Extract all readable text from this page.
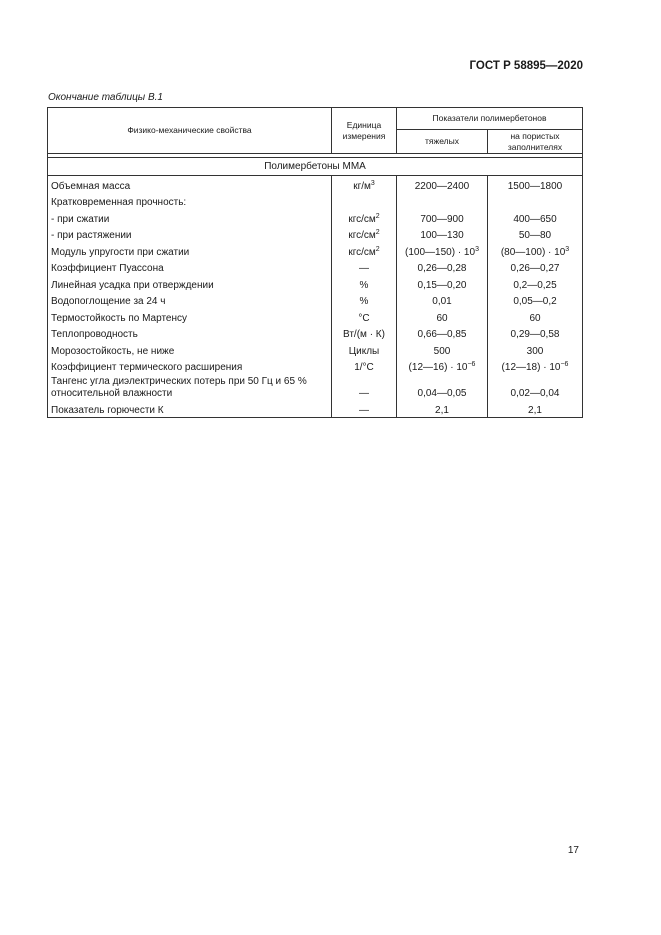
ГОСТ Р 58895—2020
Окончание таблицы В.1
Физико-механические свойства	Единица измерения	Показатели полимербетонов	
		тяжелых	на пористых заполнителях

Полимербетоны ММА			
Объемная масса	$кг/м^3$	2200—2400	1500—1800
Кратковременная прочность:			
- при сжатии	кгс/$см^2$	700—900	400—650
- при растяжении	кгс/$см^2$	100—130	50—80
Модуль упругости при сжатии	кгс/$см^2$	(100—150) · $10^3$	(80—100) · $10^3$
Коэффициент Пуассона	—	0,26—0,28	0,26—0,27
Линейная усадка при отверждении	%	0,15—0,20	0,2—0,25
Водопоглощение за 24 ч	%	0,01	0,05—0,2
Термостойкость по Мартенсу	°С	60	60
Теплопроводность	Вт/(м · К)	0,66—0,85	0,29—0,58
Морозостойкость, не ниже	Циклы	500	300
Коэффициент термического расширения	1/°С	(12—16) · $10^{-6}$	(12—18) · $10^{-6}$
Тангенс угла диэлектрических потерь при 50 Гц и 65 % относительной влажности	—	0,04—0,05	0,02—0,04
Показатель горючести К	—	2,1	2,1
17
